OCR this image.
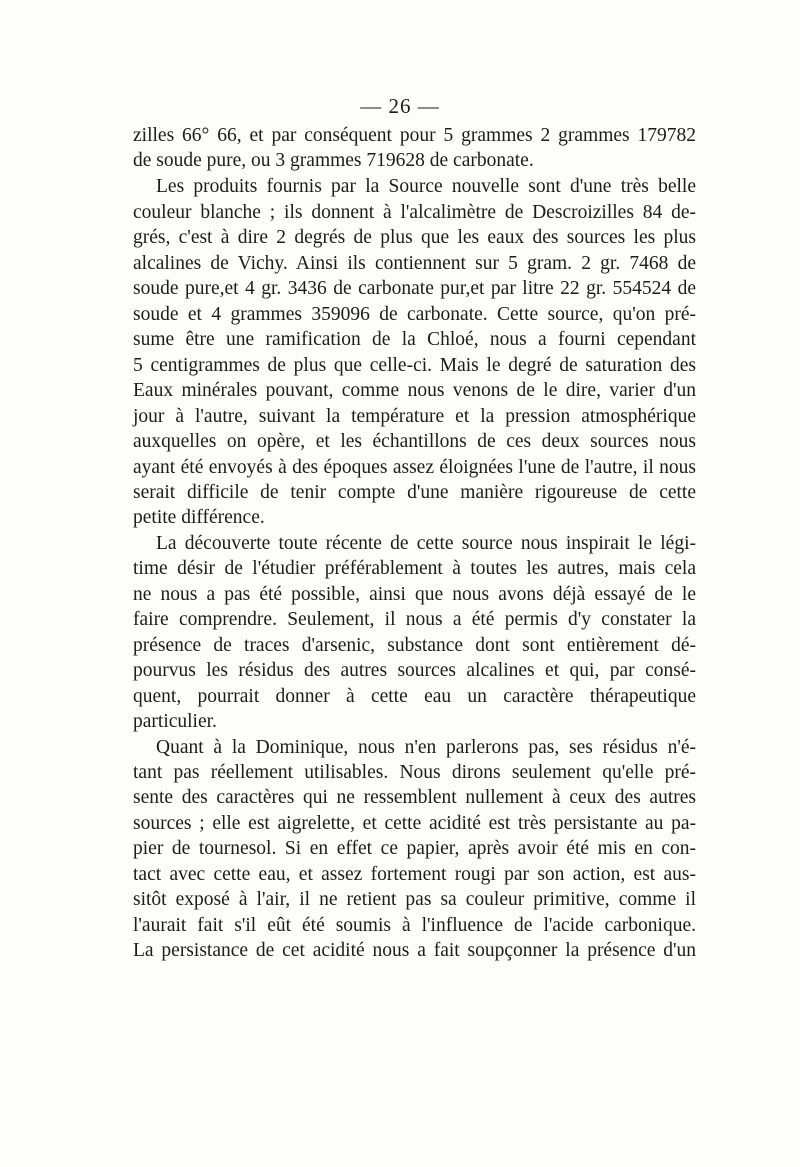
— 26 —
zilles 66° 66, et par conséquent pour 5 grammes 2 grammes 179782
de soude pure, ou 3 grammes 719628 de carbonate.
Les produits fournis par la Source nouvelle sont d'une très belle
couleur blanche ; ils donnent à l'alcalimètre de Descroizilles 84 de-
grés, c'est à dire 2 degrés de plus que les eaux des sources les plus
alcalines de Vichy. Ainsi ils contiennent sur 5 gram. 2 gr. 7468 de
soude pure,et 4 gr. 3436 de carbonate pur,et par litre 22 gr. 554524 de
soude et 4 grammes 359096 de carbonate. Cette source, qu'on pré-
sume être une ramification de la Chloé, nous a fourni cependant
5 centigrammes de plus que celle-ci. Mais le degré de saturation des
Eaux minérales pouvant, comme nous venons de le dire, varier d'un
jour à l'autre, suivant la température et la pression atmosphérique
auxquelles on opère, et les échantillons de ces deux sources nous
ayant été envoyés à des époques assez éloignées l'une de l'autre, il nous
serait difficile de tenir compte d'une manière rigoureuse de cette
petite différence.
La découverte toute récente de cette source nous inspirait le légi-
time désir de l'étudier préférablement à toutes les autres, mais cela
ne nous a pas été possible, ainsi que nous avons déjà essayé de le
faire comprendre. Seulement, il nous a été permis d'y constater la
présence de traces d'arsenic, substance dont sont entièrement dé-
pourvus les résidus des autres sources alcalines et qui, par consé-
quent, pourrait donner à cette eau un caractère thérapeutique
particulier.
Quant à la Dominique, nous n'en parlerons pas, ses résidus n'é-
tant pas réellement utilisables. Nous dirons seulement qu'elle pré-
sente des caractères qui ne ressemblent nullement à ceux des autres
sources ; elle est aigrelette, et cette acidité est très persistante au pa-
pier de tournesol. Si en effet ce papier, après avoir été mis en con-
tact avec cette eau, et assez fortement rougi par son action, est aus-
sitôt exposé à l'air, il ne retient pas sa couleur primitive, comme il
l'aurait fait s'il eût été soumis à l'influence de l'acide carbonique.
La persistance de cet acidité nous a fait soupçonner la présence d'un
